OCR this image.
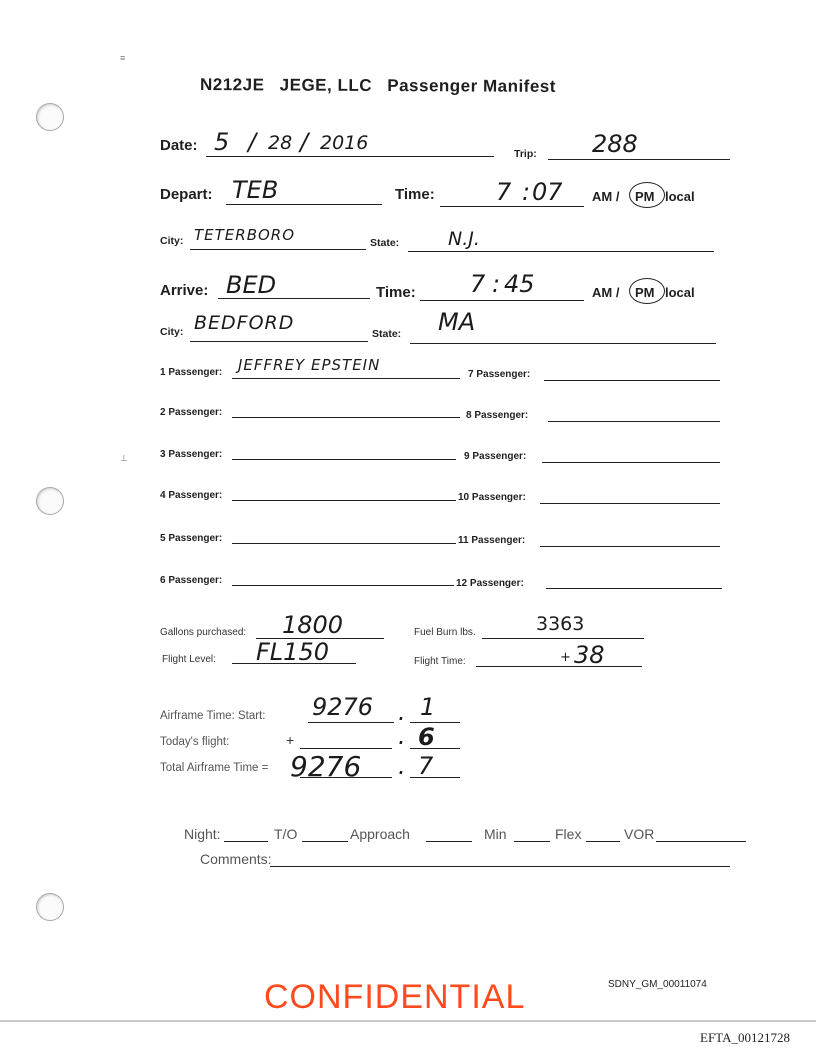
≡
⊥
N212JE JEGE, LLC Passenger Manifest
Date: 5 / 28 / 2016	Trip: 288
Depart: TEB	Time:	7 : 07 AM / PM local
City: TETERBORO	State:	N.J.
Arrive: BED	Time: 7 : 45	AM / PM local
City: BEDFORD	State: MA
1 Passenger: JEFFREY EPSTEIN
2 Passenger:
3 Passenger:
4 Passenger:
5 Passenger:
6 Passenger:
7 Passenger:
8 Passenger:
9 Passenger:
10 Passenger:
11 Passenger:
12 Passenger:
Gallons purchased: 1800	Fuel Burn lbs.	3363
Flight Level: FL150	Flight Time:	+ 38
Airframe Time: Start: 9276 . 1
Today's flight:	+	. 6
Total Airframe Time = 9276 . 7
Night:	T/O	Approach	Min	Flex	VOR
Comments:
CONFIDENTIAL	SDNY_GM_00011074
EFTA_00121728
